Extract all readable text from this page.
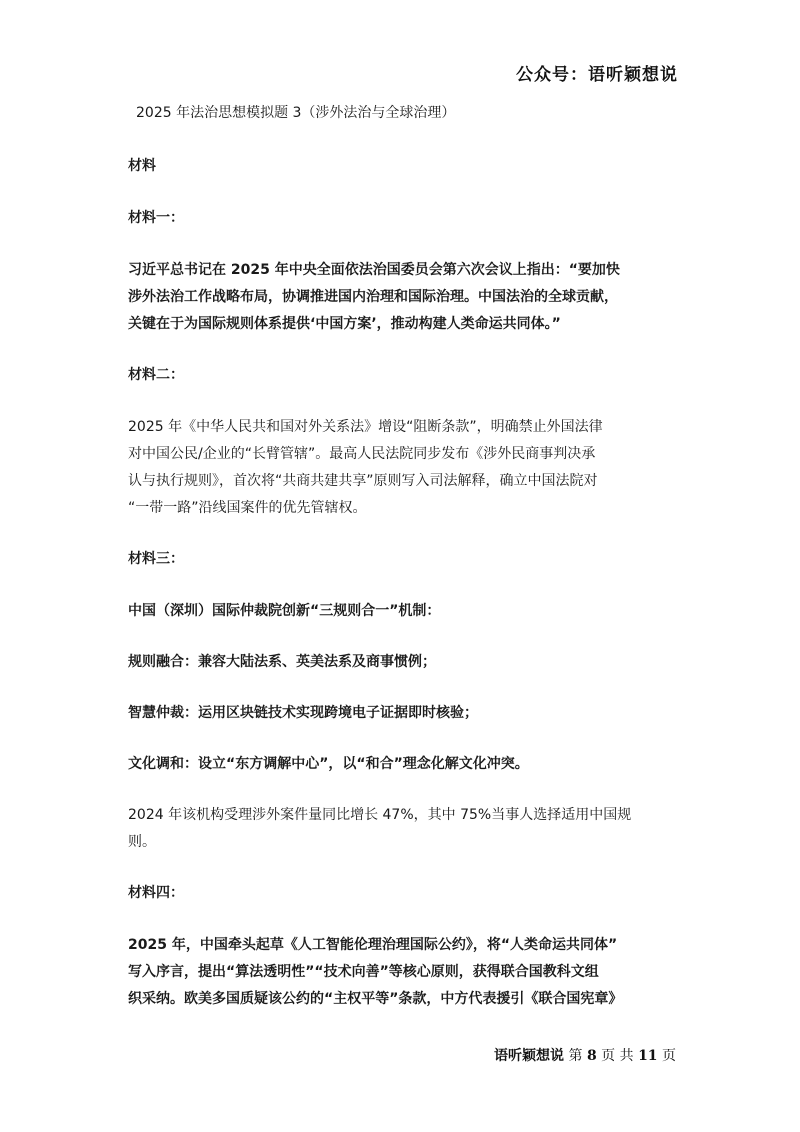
公众号：语听颖想说

2025 年法治思想模拟题 3（涉外法治与全球治理）

材料

材料一：

习近平总书记在 2025 年中央全面依法治国委员会第六次会议上指出：“要加快
涉外法治工作战略布局，协调推进国内治理和国际治理。中国法治的全球贡献，
关键在于为国际规则体系提供‘中国方案’，推动构建人类命运共同体。”

材料二：

2025 年《中华人民共和国对外关系法》增设“阻断条款”，明确禁止外国法律
对中国公民/企业的“长臂管辖”。最高人民法院同步发布《涉外民商事判决承
认与执行规则》，首次将“共商共建共享”原则写入司法解释，确立中国法院对
“一带一路”沿线国案件的优先管辖权。

材料三：

中国（深圳）国际仲裁院创新“三规则合一”机制：

规则融合：兼容大陆法系、英美法系及商事惯例；

智慧仲裁：运用区块链技术实现跨境电子证据即时核验；

文化调和：设立“东方调解中心”，以“和合”理念化解文化冲突。

2024 年该机构受理涉外案件量同比增长 47%，其中 75%当事人选择适用中国规
则。

材料四：

2025 年，中国牵头起草《人工智能伦理治理国际公约》，将“人类命运共同体”
写入序言，提出“算法透明性”“技术向善”等核心原则，获得联合国教科文组
织采纳。欧美多国质疑该公约的“主权平等”条款，中方代表援引《联合国宪章》

语听颖想说 第 8 页 共 11 页
